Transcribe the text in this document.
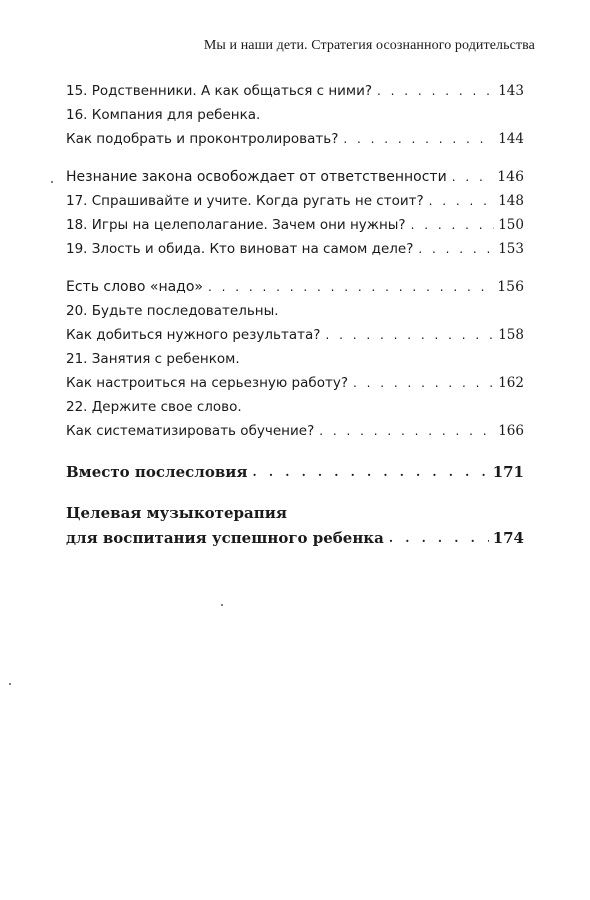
Мы и наши дети. Стратегия осознанного родительства
15. Родственники. А как общаться с ними? . . .	143
16. Компания для ребенка.
Как подобрать и проконтролировать? . . .	144
Незнание закона освобождает от ответственности . . .	146
17. Спрашивайте и учите. Когда ругать не стоит? . . .	148
18. Игры на целеполагание. Зачем они нужны? . . .	150
19. Злость и обида. Кто виноват на самом деле? . . .	153
Есть слово «надо» . . .	156
20. Будьте последовательны.
Как добиться нужного результата? . . .	158
21. Занятия с ребенком.
Как настроиться на серьезную работу? . . .	162
22. Держите свое слово.
Как систематизировать обучение? . . .	166
Вместо послесловия . . .	171
Целевая музыкотерапия
для воспитания успешного ребенка . . .	174
